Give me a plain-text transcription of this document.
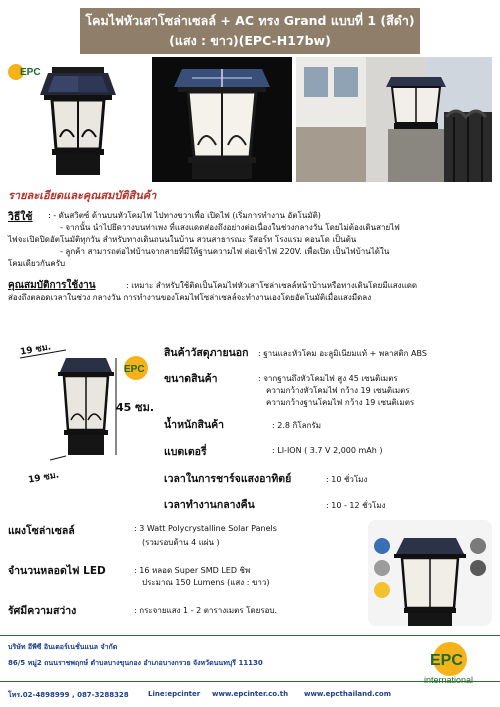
โคมไฟหัวเสาโซล่าเซลล์ + AC ทรง Grand แบบที่ 1 (สีดำ)
(แสง : ขาว)(EPC-H17bw)
EPC
รายละเอียดและคุณสมบัติสินค้า
วิธีใช้ : - ดันสวิตซ์ ด้านบนหัวโคมไฟ ไปทางขวาเพื่อ เปิดไฟ (เริ่มการทำงาน อัตโนมัติ)
- จากนั้น นำไปยึดวางบนท่าเพง ที่แสงแดดส่องถึงอย่างต่อเนื่องในช่วงกลางวัน โดยไม่ต้องเดินสายไฟ
ไฟจะเปิดปิดอัตโนมัติทุกวัน สำหรับทางเดินถนนในบ้าน สวนสาธารณะ รีสอร์ท โรงแรม คอนโด เป็นต้น
- ลูกค้า สามารถต่อไฟบ้านจากสายที่มีให้ฐานความไฟ ต่อเข้าไฟ 220V. เพื่อเปิด เป็นไฟบ้านได้ใน
โคมเดียวกันครับ
คุณสมบัติการใช้งาน	: เหมาะ สำหรับใช้ติดเป็นโคมไฟหัวเสาโซล่าเซลล์หน้าบ้านหรือทางเดินโดยมีแสงแดด
ส่องถึงตลอดเวลาในช่วง กลางวัน การทำงานของโคมไฟโซล่าเซลล์จะทำงานเองโดยอัตโนมัติเมื่อแสงมืดลง
19 ซม.
45 ซม.
19 ซม.
EPC
สินค้าวัสดุภายนอก : ฐานและหัวโคม อะลูมิเนียมแท้ + พลาสติก ABS
ขนาดสินค้า	: จากฐานถึงหัวโคมไฟ สูง 45 เซนติเมตร
ความกว้างหัวโคมไฟ กว้าง 19 เซนติเมตร
ความกว้างฐานโคมไฟ กว้าง 19 เซนติเมตร
น้ำหนักสินค้า	: 2.8 กิโลกรัม
แบตเตอรี่	: LI-ION ( 3.7 V 2,000 mAh )
เวลาในการชาร์จแสงอาทิตย์	: 10 ชั่วโมง
เวลาทำงานกลางคืน	: 10 - 12 ชั่วโมง
แผงโซล่าเซลล์	: 3 Watt Polycrystalline Solar Panels
(รวมรอบด้าน 4 แผ่น )
จำนวนหลอดไฟ LED	: 16 หลอด Super SMD LED ชิพ
ประมาณ 150 Lumens (แสง : ขาว)
รัศมีความสว่าง	: กระจายแสง 1 - 2 ตารางเมตร โดยรอบ.
บริษัท อีพีซี อินเตอร์เนชั่นแนล จำกัด
86/5 หมู่2 ถนนราชพฤกษ์ ตำบลบางขุนกอง อำเภอบางกรวย จังหวัดนนทบุรี 11130
โทร.02-4898999 , 087-3288328	Line:epcinter www.epcinter.co.th www.epcthailand.com
EPC
international
